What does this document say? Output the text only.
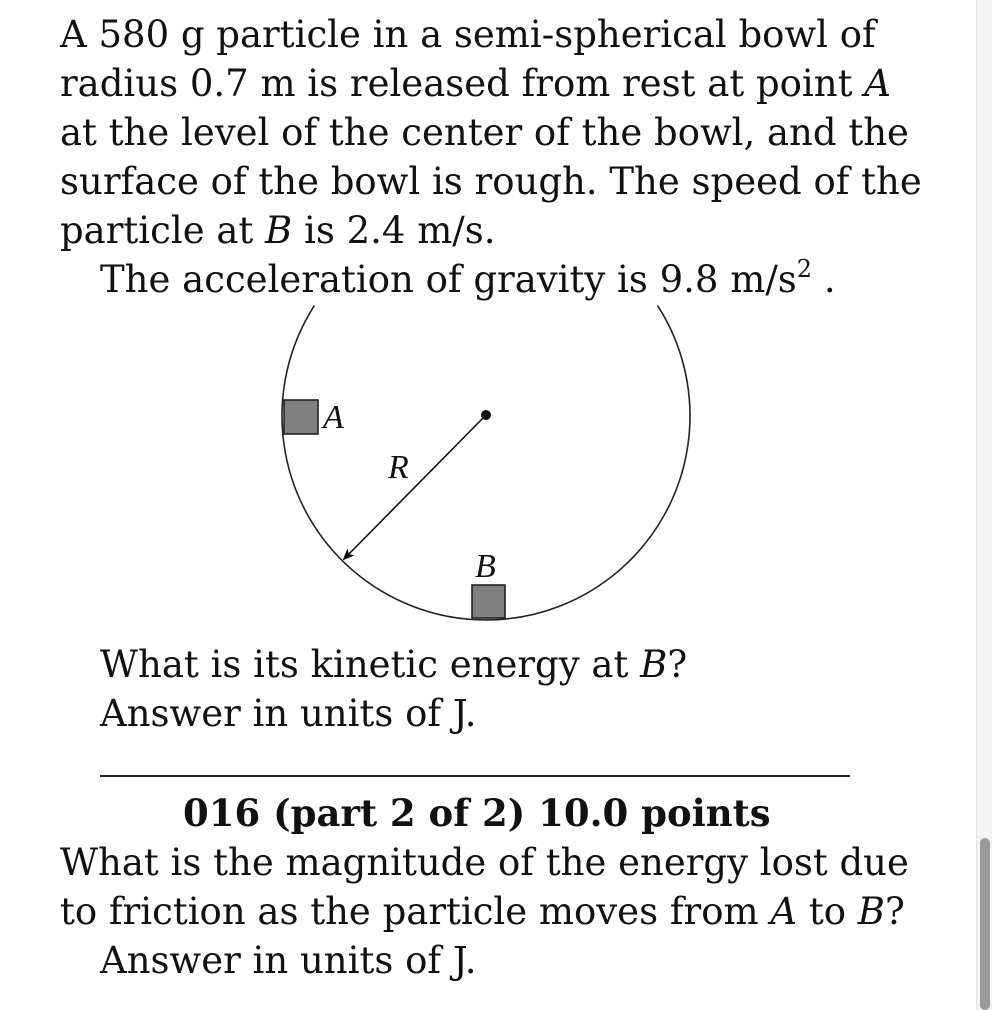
A 580 g particle in a semi-spherical bowl of
radius 0.7 m is released from rest at point A
at the level of the center of the bowl, and the
surface of the bowl is rough. The speed of the
particle at B is 2.4 m/s.
The acceleration of gravity is 9.8 $m/s^2$ .
A
R
B
What is its kinetic energy at B?
Answer in units of J.
016 (part 2 of 2) 10.0 points
What is the magnitude of the energy lost due
to friction as the particle moves from A to B?
Answer in units of J.
